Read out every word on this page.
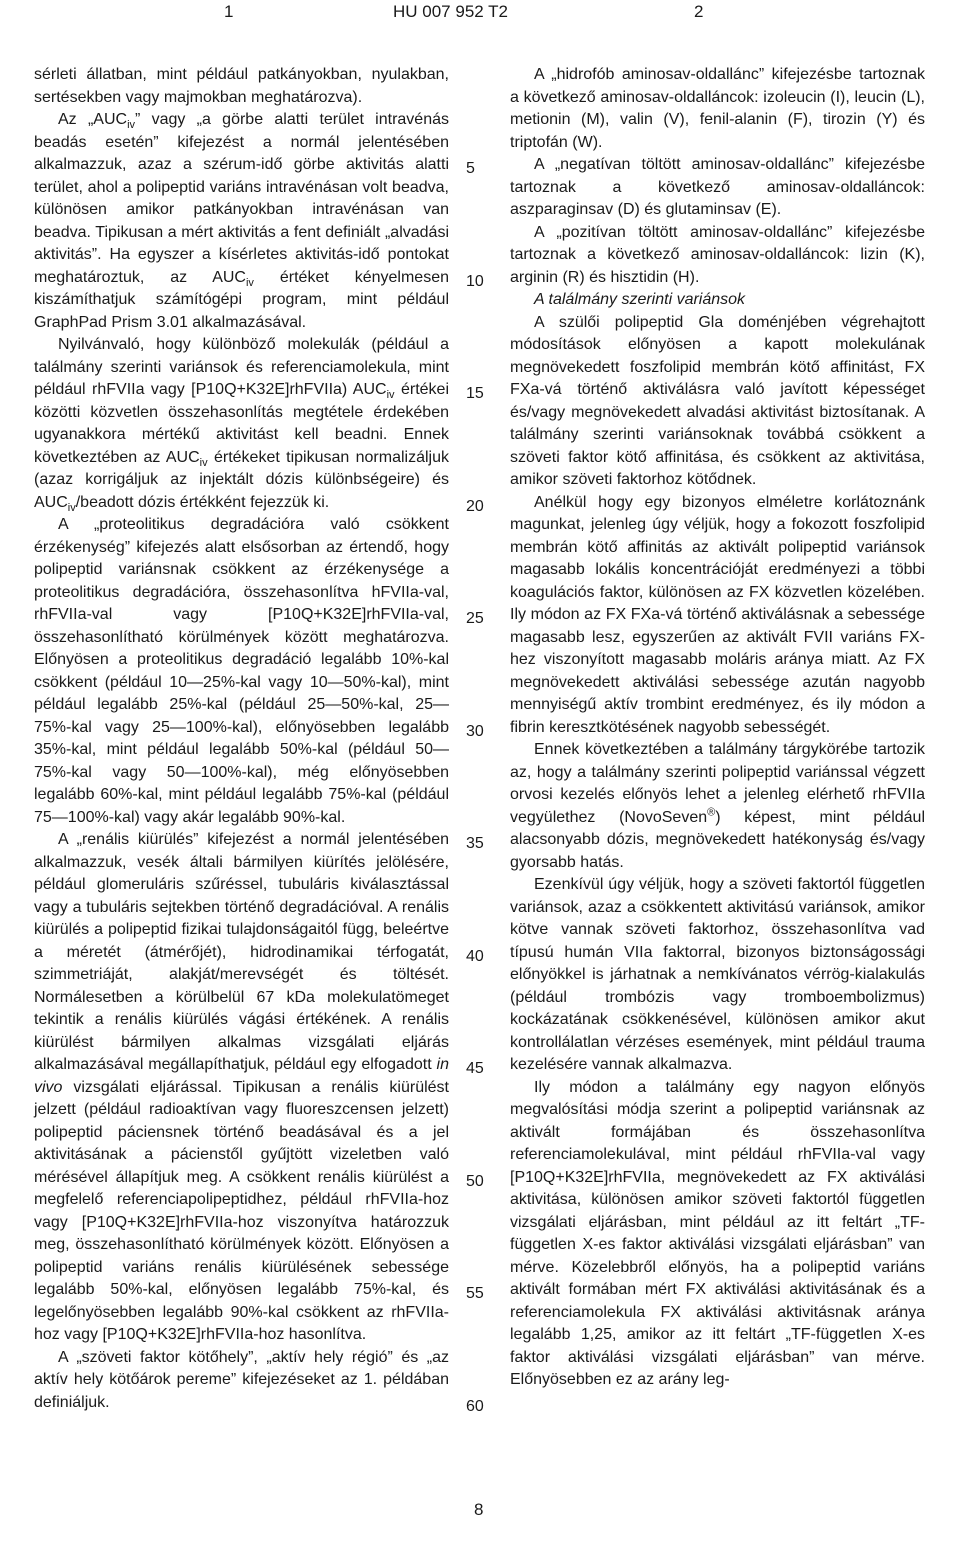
1	HU 007 952 T2	2

sérleti állatban, mint például patkányokban, nyulakban, sertésekben vagy majmokban meghatározva).

Az $„AUC_{iv}$” vagy „a görbe alatti terület intravénás beadás esetén” kifejezést a normál jelentésében alkalmazzuk, azaz a szérum-idő görbe aktivitás alatti terület, ahol a polipeptid variáns intravénásan volt beadva, különösen amikor patkányokban intravénásan van beadva. Tipikusan a mért aktivitás a fent definiált „alvadási aktivitás”. Ha egyszer a kísérletes aktivitás-idő pontokat meghatároztuk, az $AUC_{iv}$ értéket kényelmesen kiszámíthatjuk számítógépi program, mint például GraphPad Prism 3.01 alkalmazásával.

Nyilvánvaló, hogy különböző molekulák (például a találmány szerinti variánsok és referenciamolekula, mint például rhFVIIa vagy [P10Q+K32E]rhFVIIa) $AUC_{iv}$ értékei közötti közvetlen összehasonlítás megtétele érdekében ugyanakkora mértékű aktivitást kell beadni. Ennek következtében az $AUC_{iv}$ értékeket tipikusan normalizáljuk (azaz korrigáljuk az injektált dózis különbségeire) és $AUC_{iv}$/beadott dózis értékként fejezzük ki.

A „proteolitikus degradációra való csökkent érzékenység” kifejezés alatt elsősorban az értendő, hogy polipeptid variánsnak csökkent az érzékenysége a proteolitikus degradációra, összehasonlítva hFVIIa-val, rhFVIIa-val vagy [P10Q+K32E]rhFVIIa-val, összehasonlítható körülmények között meghatározva. Előnyösen a proteolitikus degradáció legalább 10%-kal csökkent (például 10—25%-kal vagy 10—50%-kal), mint például legalább 25%-kal (például 25—50%-kal, 25—75%-kal vagy 25—100%-kal), előnyösebben legalább 35%-kal, mint például legalább 50%-kal (például 50—75%-kal vagy 50—100%-kal), még előnyösebben legalább 60%-kal, mint például legalább 75%-kal (például 75—100%-kal) vagy akár legalább 90%-kal.

A „renális kiürülés” kifejezést a normál jelentésében alkalmazzuk, vesék általi bármilyen kiürítés jelölésére, például glomeruláris szűréssel, tubuláris kiválasztással vagy a tubuláris sejtekben történő degradációval. A renális kiürülés a polipeptid fizikai tulajdonságaitól függ, beleértve a méretét (átmérőjét), hidrodinamikai térfogatát, szimmetriáját, alakját/merevségét és töltését. Normálesetben a körülbelül 67 kDa molekulatömeget tekintik a renális kiürülés vágási értékének. A renális kiürülést bármilyen alkalmas vizsgálati eljárás alkalmazásával megállapíthatjuk, például egy elfogadott in vivo vizsgálati eljárással. Tipikusan a renális kiürülést jelzett (például radioaktívan vagy fluoreszcensen jelzett) polipeptid páciensnek történő beadásával és a jel aktivitásának a pácienstől gyűjtött vizeletben való mérésével állapítjuk meg. A csökkent renális kiürülést a megfelelő referenciapolipeptidhez, például rhFVIIa-hoz vagy [P10Q+K32E]rhFVIIa-hoz viszonyítva határozzuk meg, összehasonlítható körülmények között. Előnyösen a polipeptid variáns renális kiürülésének sebessége legalább 50%-kal, előnyösen legalább 75%-kal, és legelőnyösebben legalább 90%-kal csökkent az rhFVIIa-hoz vagy [P10Q+K32E]rhFVIIa-hoz hasonlítva.

A „szöveti faktor kötőhely”, „aktív hely régió” és „az aktív hely kötőárok pereme” kifejezéseket az 1. példában definiáljuk.

5
10
15
20
25
30
35
40
45
50
55
60

A „hidrofób aminosav-oldallánc” kifejezésbe tartoznak a következő aminosav-oldalláncok: izoleucin (I), leucin (L), metionin (M), valin (V), fenil-alanin (F), tirozin (Y) és triptofán (W).

A „negatívan töltött aminosav-oldallánc” kifejezésbe tartoznak a következő aminosav-oldalláncok: aszparaginsav (D) és glutaminsav (E).

A „pozitívan töltött aminosav-oldallánc” kifejezésbe tartoznak a következő aminosav-oldalláncok: lizin (K), arginin (R) és hisztidin (H).

A találmány szerinti variánsok

A szülői polipeptid Gla doménjében végrehajtott módosítások előnyösen a kapott molekulának megnövekedett foszfolipid membrán kötő affinitást, FX FXa-vá történő aktiválásra való javított képességet és/vagy megnövekedett alvadási aktivitást biztosítanak. A találmány szerinti variánsoknak továbbá csökkent a szöveti faktor kötő affinitása, és csökkent az aktivitása, amikor szöveti faktorhoz kötődnek.

Anélkül hogy egy bizonyos elméletre korlátoznánk magunkat, jelenleg úgy véljük, hogy a fokozott foszfolipid membrán kötő affinitás az aktivált polipeptid variánsok magasabb lokális koncentrációját eredményezi a többi koagulációs faktor, különösen az FX közvetlen közelében. Ily módon az FX FXa-vá történő aktiválásnak a sebessége magasabb lesz, egyszerűen az aktivált FVII variáns FX-hez viszonyított magasabb moláris aránya miatt. Az FX megnövekedett aktiválási sebessége azután nagyobb mennyiségű aktív trombint eredményez, és ily módon a fibrin keresztkötésének nagyobb sebességét.

Ennek következtében a találmány tárgykörébe tartozik az, hogy a találmány szerinti polipeptid variánssal végzett orvosi kezelés előnyös lehet a jelenleg elérhető rhFVIIa vegyülethez (NovoSeven®) képest, mint például alacsonyabb dózis, megnövekedett hatékonyság és/vagy gyorsabb hatás.

Ezenkívül úgy véljük, hogy a szöveti faktortól független variánsok, azaz a csökkentett aktivitású variánsok, amikor kötve vannak szöveti faktorhoz, összehasonlítva vad típusú humán VIIa faktorral, bizonyos biztonságossági előnyökkel is járhatnak a nemkívánatos vérrög-kialakulás (például trombózis vagy tromboembolizmus) kockázatának csökkenésével, különösen amikor akut kontrollálatlan vérzéses események, mint például trauma kezelésére vannak alkalmazva.

Ily módon a találmány egy nagyon előnyös megvalósítási módja szerint a polipeptid variánsnak az aktivált formájában és összehasonlítva referenciamolekulával, mint például rhFVIIa-val vagy [P10Q+K32E]rhFVIIa, megnövekedett az FX aktiválási aktivitása, különösen amikor szöveti faktortól független vizsgálati eljárásban, mint például az itt feltárt „TF-független X-es faktor aktiválási vizsgálati eljárásban” van mérve. Közelebbről előnyös, ha a polipeptid variáns aktivált formában mért FX aktiválási aktivitásának és a referenciamolekula FX aktiválási aktivitásnak aránya legalább 1,25, amikor az itt feltárt „TF-független X-es faktor aktiválási vizsgálati eljárásban” van mérve. Előnyösebben ez az arány leg-

8
